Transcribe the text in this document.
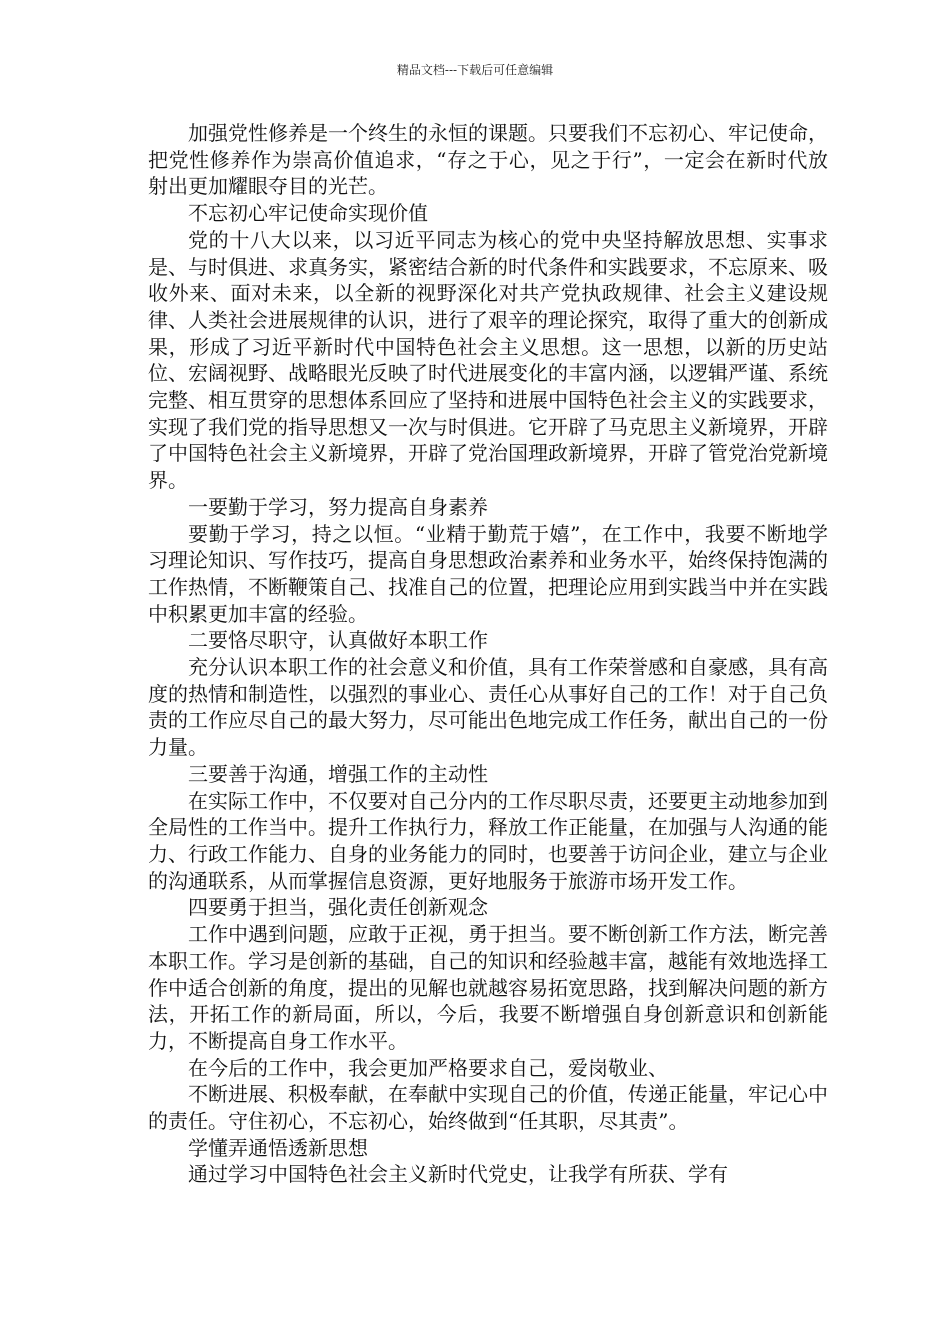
精品文档---下载后可任意编辑

加强党性修养是一个终生的永恒的课题。只要我们不忘初心、牢记使命，把党性修养作为崇高价值追求，“存之于心，见之于行”，一定会在新时代放射出更加耀眼夺目的光芒。

不忘初心牢记使命实现价值

党的十八大以来，以习近平同志为核心的党中央坚持解放思想、实事求是、与时俱进、求真务实，紧密结合新的时代条件和实践要求，不忘原来、吸收外来、面对未来，以全新的视野深化对共产党执政规律、社会主义建设规律、人类社会进展规律的认识，进行了艰辛的理论探究，取得了重大的创新成果，形成了习近平新时代中国特色社会主义思想。这一思想，以新的历史站位、宏阔视野、战略眼光反映了时代进展变化的丰富内涵，以逻辑严谨、系统完整、相互贯穿的思想体系回应了坚持和进展中国特色社会主义的实践要求，实现了我们党的指导思想又一次与时俱进。它开辟了马克思主义新境界，开辟了中国特色社会主义新境界，开辟了党治国理政新境界，开辟了管党治党新境界。

一要勤于学习，努力提高自身素养

要勤于学习，持之以恒。“业精于勤荒于嬉”，在工作中，我要不断地学习理论知识、写作技巧，提高自身思想政治素养和业务水平，始终保持饱满的工作热情，不断鞭策自己、找准自己的位置，把理论应用到实践当中并在实践中积累更加丰富的经验。

二要恪尽职守，认真做好本职工作

充分认识本职工作的社会意义和价值，具有工作荣誉感和自豪感，具有高度的热情和制造性，以强烈的事业心、责任心从事好自己的工作！对于自己负责的工作应尽自己的最大努力，尽可能出色地完成工作任务，献出自己的一份力量。

三要善于沟通，增强工作的主动性

在实际工作中，不仅要对自己分内的工作尽职尽责，还要更主动地参加到全局性的工作当中。提升工作执行力，释放工作正能量，在加强与人沟通的能力、行政工作能力、自身的业务能力的同时，也要善于访问企业，建立与企业的沟通联系，从而掌握信息资源，更好地服务于旅游市场开发工作。

四要勇于担当，强化责任创新观念

工作中遇到问题，应敢于正视，勇于担当。要不断创新工作方法，断完善本职工作。学习是创新的基础，自己的知识和经验越丰富，越能有效地选择工作中适合创新的角度，提出的见解也就越容易拓宽思路，找到解决问题的新方法，开拓工作的新局面，所以，今后，我要不断增强自身创新意识和创新能力，不断提高自身工作水平。

在今后的工作中，我会更加严格要求自己，爱岗敬业、

不断进展、积极奉献，在奉献中实现自己的价值，传递正能量，牢记心中的责任。守住初心，不忘初心，始终做到“任其职，尽其责”。

学懂弄通悟透新思想

通过学习中国特色社会主义新时代党史，让我学有所获、学有
